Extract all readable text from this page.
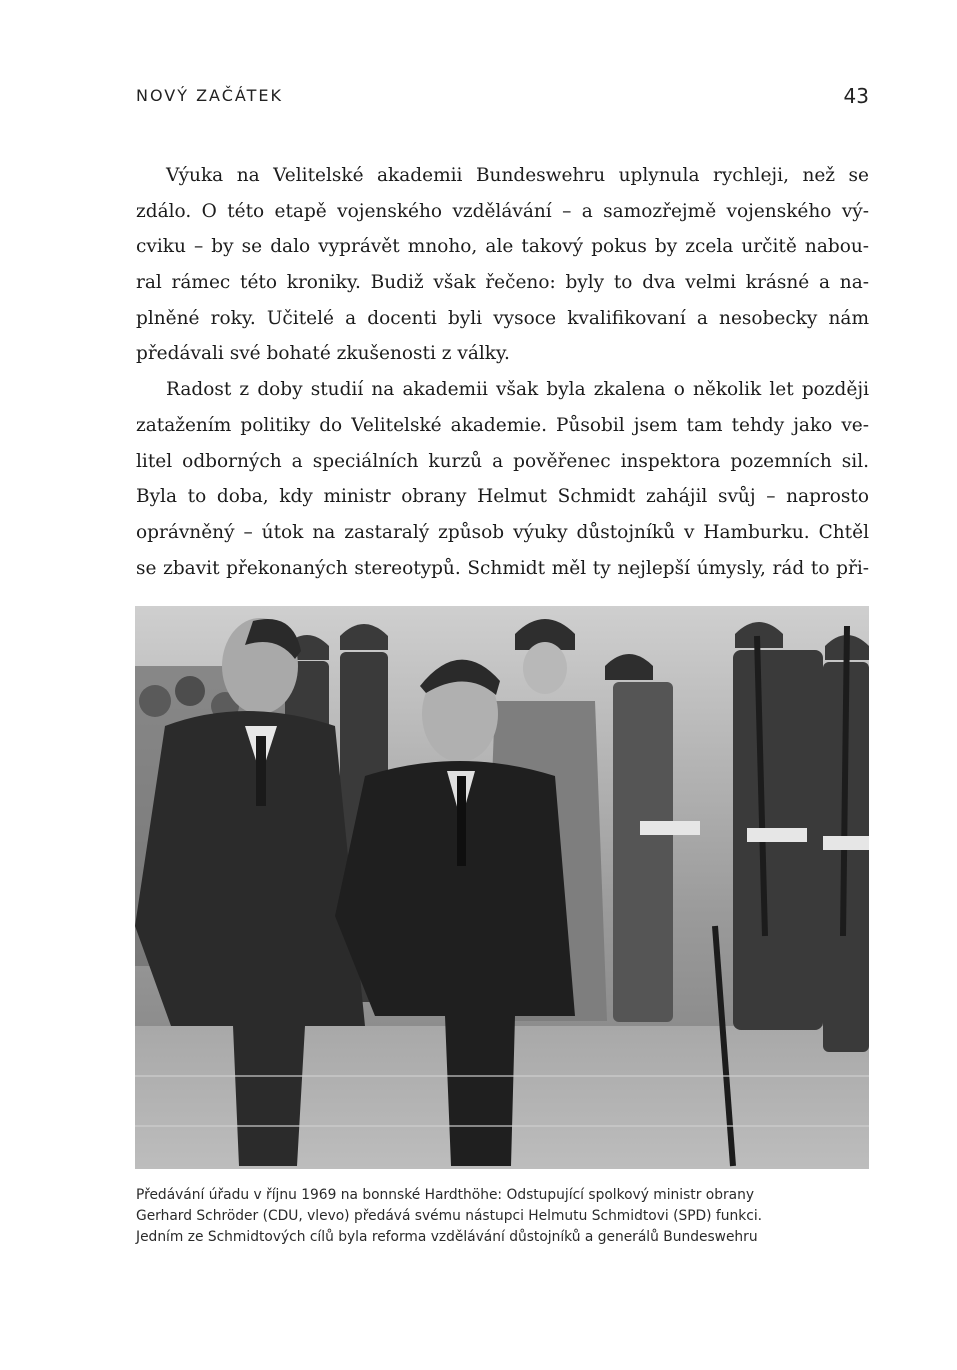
NOVÝ ZAČÁTEK	43
Výuka na Velitelské akademii Bundeswehru uplynula rychleji, než se
zdálo. O této etapě vojenského vzdělávání – a samozřejmě vojenského vý-
cviku – by se dalo vyprávět mnoho, ale takový pokus by zcela určitě nabou-
ral rámec této kroniky. Budiž však řečeno: byly to dva velmi krásné a na-
plněné roky. Učitelé a docenti byli vysoce kvalifikovaní a nesobecky nám
předávali své bohaté zkušenosti z války.
Radost z doby studií na akademii však byla zkalena o několik let později
zatažením politiky do Velitelské akademie. Působil jsem tam tehdy jako ve-
litel odborných a speciálních kurzů a pověřenec inspektora pozemních sil.
Byla to doba, kdy ministr obrany Helmut Schmidt zahájil svůj – naprosto
oprávněný – útok na zastaralý způsob výuky důstojníků v Hamburku. Chtěl
se zbavit překonaných stereotypů. Schmidt měl ty nejlepší úmysly, rád to při-
Předávání úřadu v říjnu 1969 na bonnské Hardthöhe: Odstupující spolkový ministr obrany
Gerhard Schröder (CDU, vlevo) předává svému nástupci Helmutu Schmidtovi (SPD) funkci.
Jedním ze Schmidtových cílů byla reforma vzdělávání důstojníků a generálů Bundeswehru
